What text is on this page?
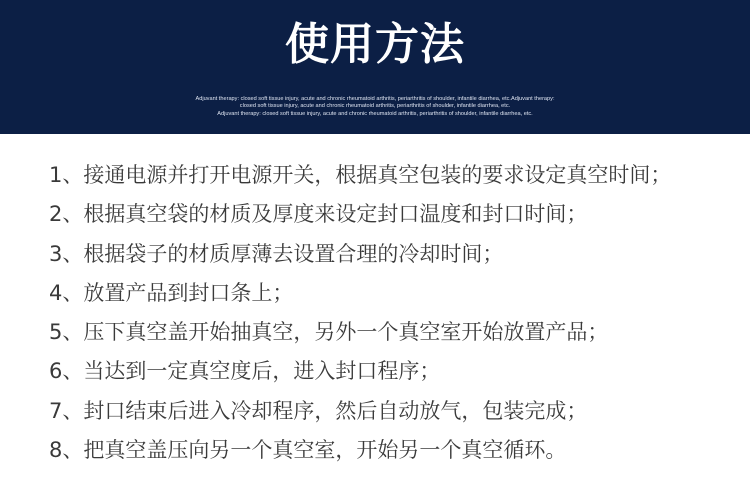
使用方法
Adjuvant therapy: closed soft tissue injury, acute and chronic rheumatoid arthritis, periarthritis of shoulder, infantile diarrhea, etc.Adjuvant therapy:
closed soft tissue injury, acute and chronic rheumatoid arthritis, periarthritis of shoulder, infantile diarrhea, etc.
Adjuvant therapy: closed soft tissue injury, acute and chronic rheumatoid arthritis, periarthritis of shoulder, infantile diarrhea, etc.
1、接通电源并打开电源开关，根据真空包装的要求设定真空时间；
2、根据真空袋的材质及厚度来设定封口温度和封口时间；
3、根据袋子的材质厚薄去设置合理的冷却时间；
4、放置产品到封口条上；
5、压下真空盖开始抽真空，另外一个真空室开始放置产品；
6、当达到一定真空度后，进入封口程序；
7、封口结束后进入冷却程序，然后自动放气，包装完成；
8、把真空盖压向另一个真空室，开始另一个真空循环。
